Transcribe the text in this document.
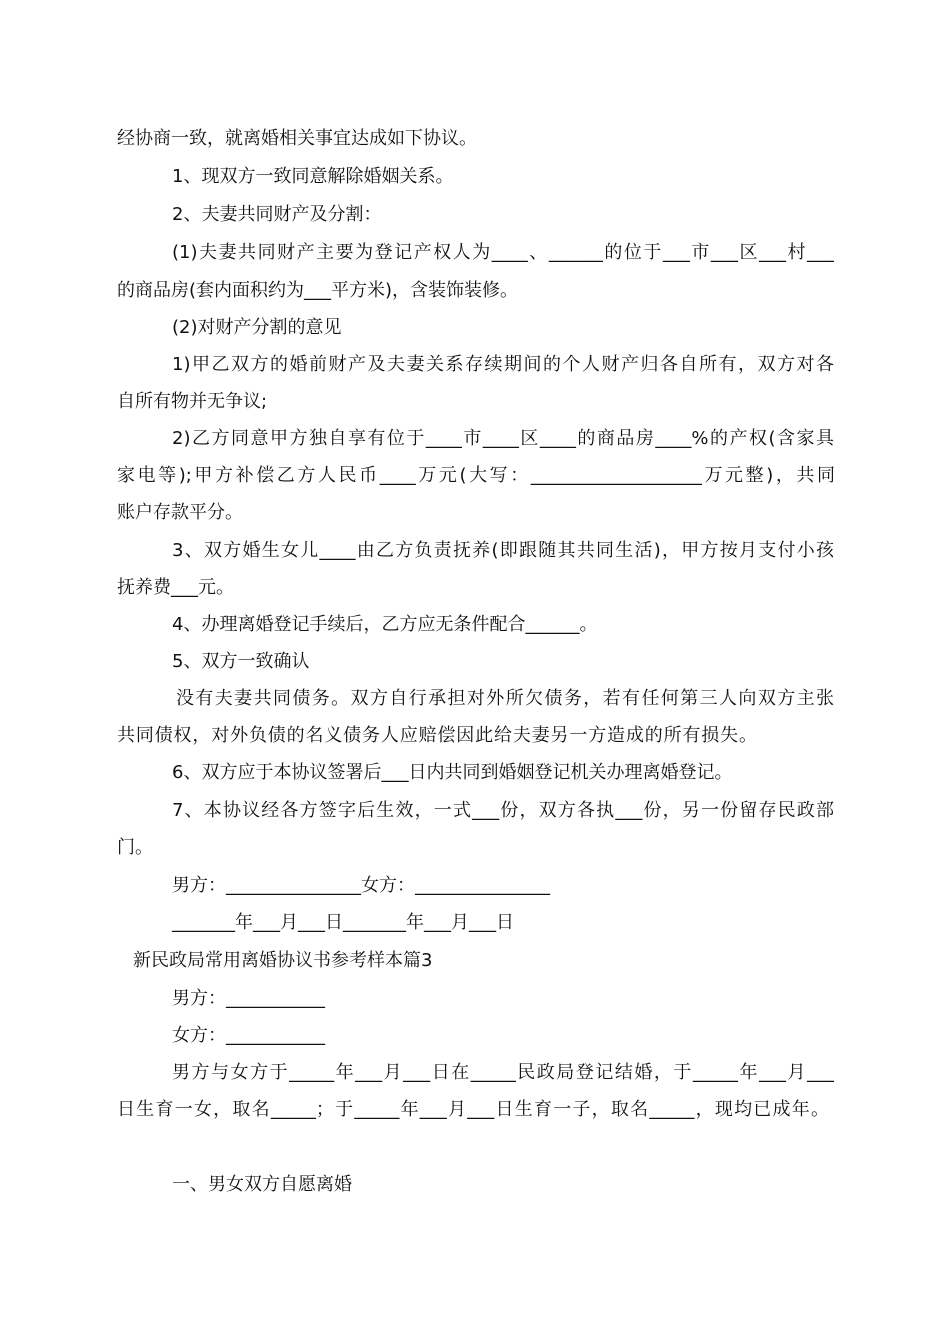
经协商一致，就离婚相关事宜达成如下协议。
1、现双方一致同意解除婚姻关系。
2、夫妻共同财产及分割：
(1)夫妻共同财产主要为登记产权人为____、______的位于___市___区___村___
的商品房(套内面积约为___平方米)，含装饰装修。
(2)对财产分割的意见
1)甲乙双方的婚前财产及夫妻关系存续期间的个人财产归各自所有，双方对各
自所有物并无争议;
2)乙方同意甲方独自享有位于____市____区____的商品房____%的产权(含家具
家电等);甲方补偿乙方人民币____万元(大写：___________________万元整)，共同
账户存款平分。
3、双方婚生女儿____由乙方负责抚养(即跟随其共同生活)，甲方按月支付小孩
抚养费___元。
4、办理离婚登记手续后，乙方应无条件配合______。
5、双方一致确认
没有夫妻共同债务。双方自行承担对外所欠债务，若有任何第三人向双方主张
共同债权，对外负债的名义债务人应赔偿因此给夫妻另一方造成的所有损失。
6、双方应于本协议签署后___日内共同到婚姻登记机关办理离婚登记。
7、本协议经各方签字后生效，一式___份，双方各执___份，另一份留存民政部
门。
男方：_______________女方：_______________
_______年___月___日_______年___月___日
新民政局常用离婚协议书参考样本篇3
男方：___________
女方：___________
男方与女方于_____年___月___日在_____民政局登记结婚，于_____年___月___
日生育一女，取名_____；于_____年___月___日生育一子，取名_____，现均已成年。
一、男女双方自愿离婚
